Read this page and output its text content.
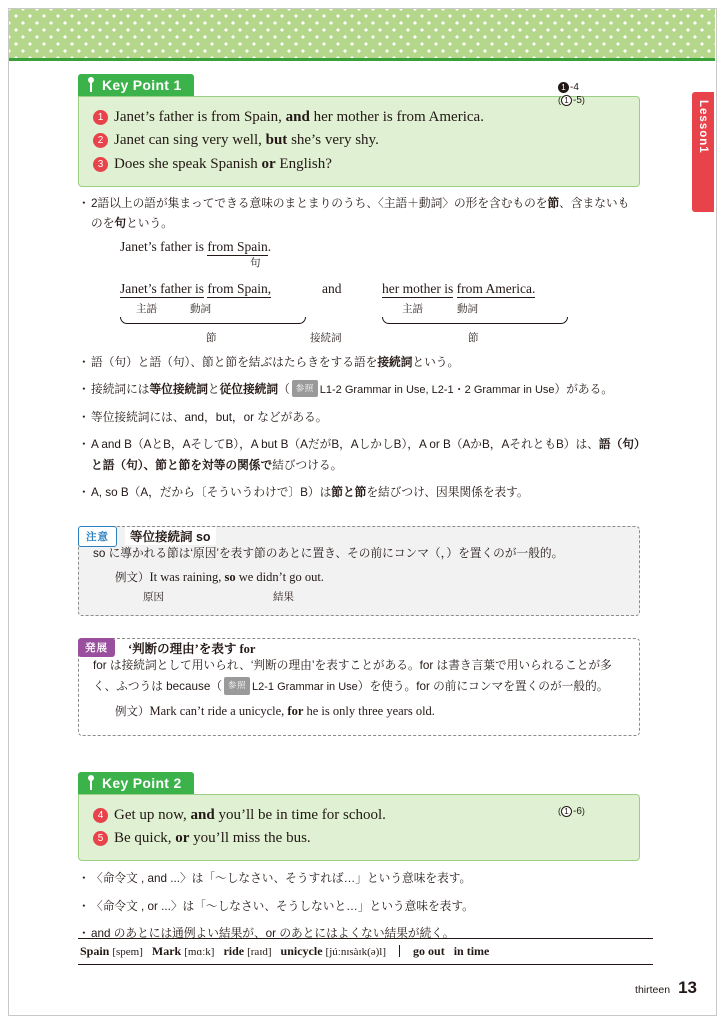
Lesson1
Key Point 1	1 -4 ( 1 -5)
1 Janet’s father is from Spain, and her mother is from America.
2 Janet can sing very well, but she’s very shy.
3 Does she speak Spanish or English?
・ 2語以上の語が集まってできる意味のまとまりのうち、〈主語＋動詞〉の形を含むものを節、含まないものを句という。
Janet’s father is from Spain.
句
Janet’s father is from Spain,	and	her mother is from America.
主語	動詞	主語	動詞
節	接続詞	節
・ 語（句）と語（句）、節と節を結ぶはたらきをする語を接続詞という。
・ 接続詞には等位接続詞と従位接続詞（ 参照 L1-2 Grammar in Use, L2-1・2 Grammar in Use）がある。
・ 等位接続詞には、and，but，or などがある。
・ A and B（AとB，AそしてB），A but B（AだがB，AしかしB），A or B（AかB，AそれともB）は、語（句）と語（句）、節と節を対等の関係で結びつける。
・ A, so B（A，だから〔そういうわけで〕B）は節と節を結びつけ、因果関係を表す。
注意	等位接続詞 so
so に導かれる節は‘原因’を表す節のあとに置き、その前にコンマ（，）を置くのが一般的。
例文）It was raining, so we didn’t go out.
原因	結果
発展	‘判断の理由’を表す for
for は接続詞として用いられ、‘判断の理由’を表すことがある。for は書き言葉で用いられることが多く、ふつうは because（ 参照 L2-1 Grammar in Use）を使う。for の前にコンマを置くのが一般的。
例文）Mark can’t ride a unicycle, for he is only three years old.
Key Point 2
( 1 -6)
4 Get up now, and you’ll be in time for school.
5 Be quick, or you’ll miss the bus.
・ 〈命令文 , and ...〉は「〜しなさい、そうすれば…」という意味を表す。
・ 〈命令文 , or ...〉は「〜しなさい、そうしないと…」という意味を表す。
・ and のあとには通例よい結果が、or のあとにはよくない結果が続く。
Spain [spem] Mark [mɑːk] ride [raɪd] unicycle [júːnɪsàɪk(ə)l] go out in time
thirteen 13
